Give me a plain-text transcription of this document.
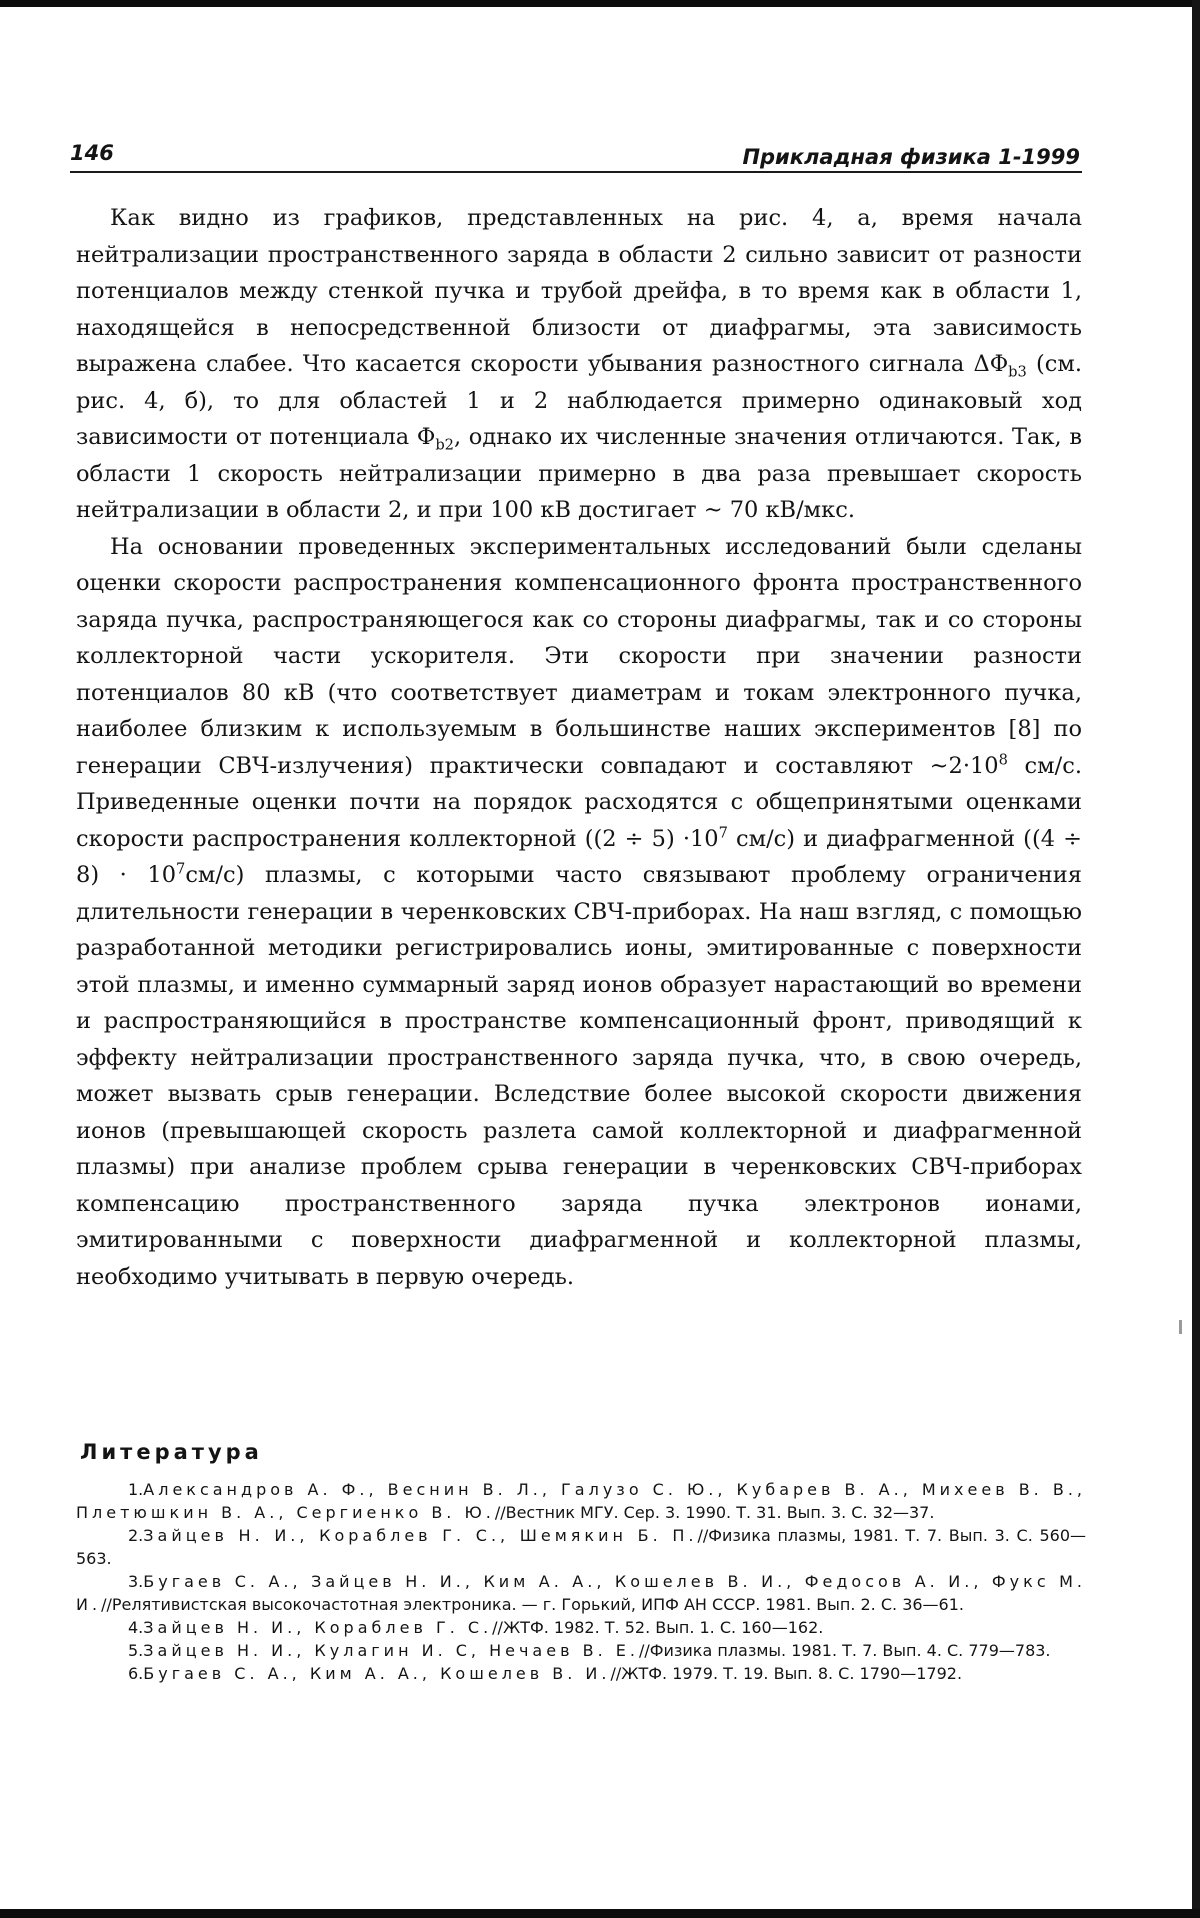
146	Прикладная физика 1-1999

Как видно из графиков, представленных на рис. 4, а, время начала нейтрализации пространственного заряда в области 2 сильно зависит от разности потенциалов между стенкой пучка и трубой дрейфа, в то время как в области 1, находящейся в непосредственной близости от диафрагмы, эта зависимость выражена слабее. Что касается скорости убывания разностного сигнала $\Delta\Phi_{b3}$ (см. рис. 4, б), то для областей 1 и 2 наблюдается примерно одинаковый ход зависимости от потенциала $\Phi_{b2}$, однако их численные значения отличаются. Так, в области 1 скорость нейтрализации примерно в два раза превышает скорость нейтрализации в области 2, и при 100 кВ достигает ~ 70 кВ/мкс.

На основании проведенных экспериментальных исследований были сделаны оценки скорости распространения компенсационного фронта пространственного заряда пучка, распространяющегося как со стороны диафрагмы, так и со стороны коллекторной части ускорителя. Эти скорости при значении разности потенциалов 80 кВ (что соответствует диаметрам и токам электронного пучка, наиболее близким к используемым в большинстве наших экспериментов [8] по генерации СВЧ-излучения) практически совпадают и составляют $\sim 2\cdot 10^8$ см/с. Приведенные оценки почти на порядок расходятся с общепринятыми оценками скорости распространения коллекторной ($(2 \div 5) \cdot 10^7$ см/с) и диафрагменной $((4 \div 8) \cdot 10^7см/с)$ плазмы, с которыми часто связывают проблему ограничения длительности генерации в черенковских СВЧ-приборах. На наш взгляд, с помощью разработанной методики регистрировались ионы, эмитированные с поверхности этой плазмы, и именно суммарный заряд ионов образует нарастающий во времени и распространяющийся в пространстве компенсационный фронт, приводящий к эффекту нейтрализации пространственного заряда пучка, что, в свою очередь, может вызвать срыв генерации. Вследствие более высокой скорости движения ионов (превышающей скорость разлета самой коллекторной и диафрагменной плазмы) при анализе проблем срыва генерации в черенковских СВЧ-приборах компенсацию пространственного заряда пучка электронов ионами, эмитированными с поверхности диафрагменной и коллекторной плазмы, необходимо учитывать в первую очередь.

Литература

1.Александров А. Ф., Веснин В. Л., Галузо С. Ю., Кубарев В. А., Михеев В. В., Плетюшкин В. А., Сергиенко В. Ю.//Вестник МГУ. Сер. 3. 1990. Т. 31. Вып. 3. С. 32—37.

2.Зайцев Н. И., Кораблев Г. С., Шемякин Б. П.//Физика плазмы, 1981. Т. 7. Вып. 3. С. 560—563.

3.Бугаев С. А., Зайцев Н. И., Ким А. А., Кошелев В. И., Федосов А. И., Фукс М. И.//Релятивистская высокочастотная электроника. — г. Горький, ИПФ АН СССР. 1981. Вып. 2. С. 36—61.

4.Зайцев Н. И., Кораблев Г. С.//ЖТФ. 1982. Т. 52. Вып. 1. С. 160—162.

5.Зайцев Н. И., Кулагин И. С, Нечаев В. Е.//Физика плазмы. 1981. Т. 7. Вып. 4. С. 779—783.

6.Бугаев С. А., Ким А. А., Кошелев В. И.//ЖТФ. 1979. Т. 19. Вып. 8. С. 1790—1792.
